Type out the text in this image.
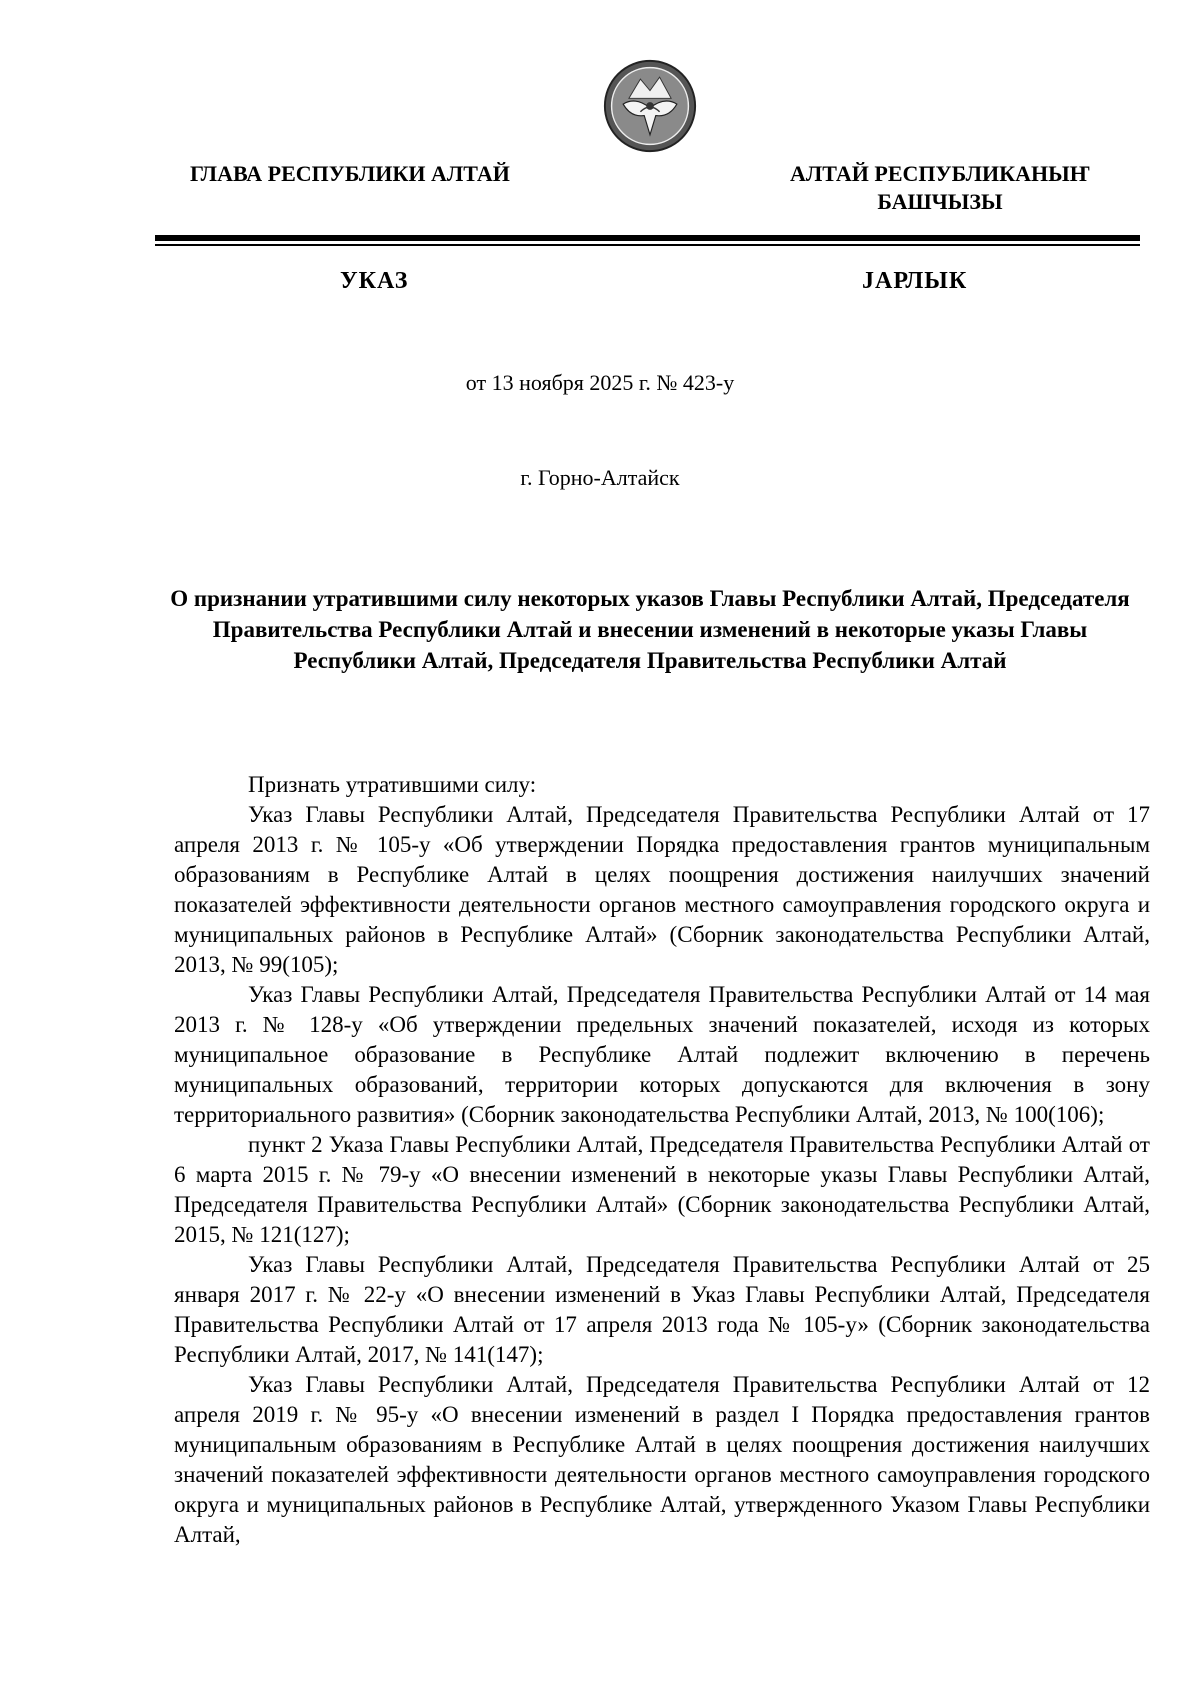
ГЛАВА РЕСПУБЛИКИ АЛТАЙ	АЛТАЙ РЕСПУБЛИКАНЫҤ
БАШЧЫЗЫ
УКАЗ	ЈАРЛЫК
от 13 ноября 2025 г. № 423-у
г. Горно-Алтайск
О признании утратившими силу некоторых указов Главы Республики Алтай, Председателя Правительства Республики Алтай и внесении изменений в некоторые указы Главы Республики Алтай, Председателя Правительства Республики Алтай

Признать утратившими силу:

Указ Главы Республики Алтай, Председателя Правительства Республики Алтай от 17 апреля 2013 г. № 105-у «Об утверждении Порядка предоставления грантов муниципальным образованиям в Республике Алтай в целях поощрения достижения наилучших значений показателей эффективности деятельности органов местного самоуправления городского округа и муниципальных районов в Республике Алтай» (Сборник законодательства Республики Алтай, 2013, № 99(105);

Указ Главы Республики Алтай, Председателя Правительства Республики Алтай от 14 мая 2013 г. № 128-у «Об утверждении предельных значений показателей, исходя из которых муниципальное образование в Республике Алтай подлежит включению в перечень муниципальных образований, территории которых допускаются для включения в зону территориального развития» (Сборник законодательства Республики Алтай, 2013, № 100(106);

пункт 2 Указа Главы Республики Алтай, Председателя Правительства Республики Алтай от 6 марта 2015 г. № 79-у «О внесении изменений в некоторые указы Главы Республики Алтай, Председателя Правительства Республики Алтай» (Сборник законодательства Республики Алтай, 2015, № 121(127);

Указ Главы Республики Алтай, Председателя Правительства Республики Алтай от 25 января 2017 г. № 22-у «О внесении изменений в Указ Главы Республики Алтай, Председателя Правительства Республики Алтай от 17 апреля 2013 года № 105-у» (Сборник законодательства Республики Алтай, 2017, № 141(147);

Указ Главы Республики Алтай, Председателя Правительства Республики Алтай от 12 апреля 2019 г. № 95-у «О внесении изменений в раздел I Порядка предоставления грантов муниципальным образованиям в Республике Алтай в целях поощрения достижения наилучших значений показателей эффективности деятельности органов местного самоуправления городского округа и муниципальных районов в Республике Алтай, утвержденного Указом Главы Республики Алтай,
